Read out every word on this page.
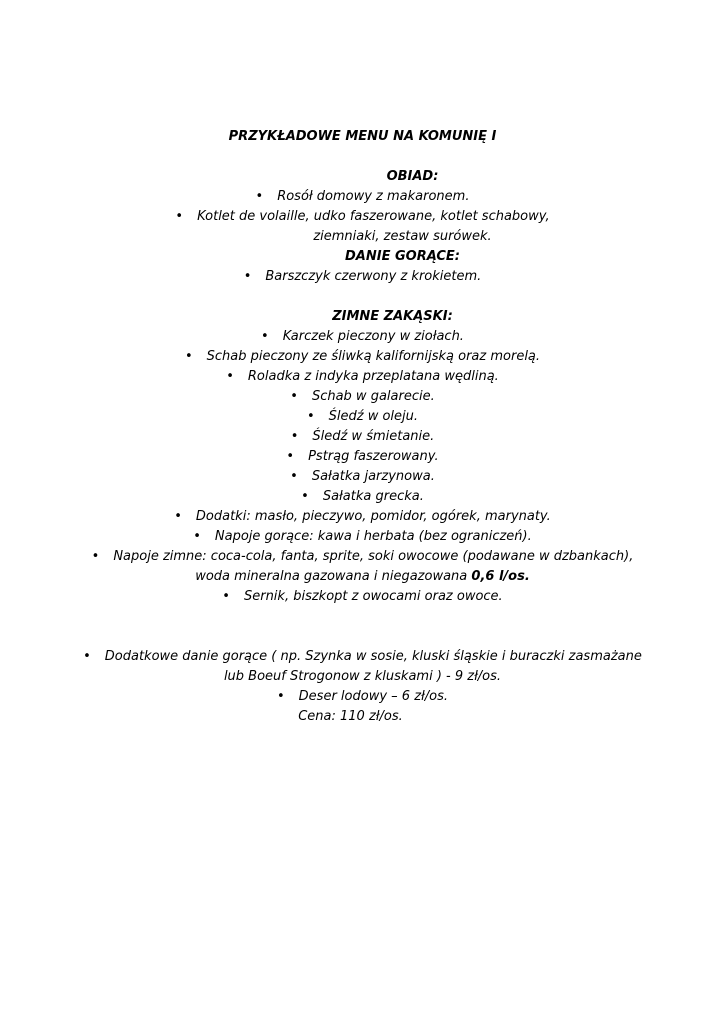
PRZYKŁADOWE MENU NA KOMUNIĘ I
OBIAD:
• Rosół domowy z makaronem.
• Kotlet de volaille, udko faszerowane, kotlet schabowy,
ziemniaki, zestaw surówek.
DANIE GORĄCE:
• Barszczyk czerwony z krokietem.
ZIMNE ZAKĄSKI:
• Karczek pieczony w ziołach.
• Schab pieczony ze śliwką kalifornijską oraz morelą.
• Roladka z indyka przeplatana wędliną.
• Schab w galarecie.
• Śledź w oleju.
• Śledź w śmietanie.
• Pstrąg faszerowany.
• Sałatka jarzynowa.
• Sałatka grecka.
• Dodatki: masło, pieczywo, pomidor, ogórek, marynaty.
• Napoje gorące: kawa i herbata (bez ograniczeń).
• Napoje zimne: coca-cola, fanta, sprite, soki owocowe (podawane w dzbankach),
woda mineralna gazowana i niegazowana 0,6 l/os.
• Sernik, biszkopt z owocami oraz owoce.
• Dodatkowe danie gorące ( np. Szynka w sosie, kluski śląskie i buraczki zasmażane
lub Boeuf Strogonow z kluskami ) - 9 zł/os.
• Deser lodowy – 6 zł/os.
Cena: 110 zł/os.
